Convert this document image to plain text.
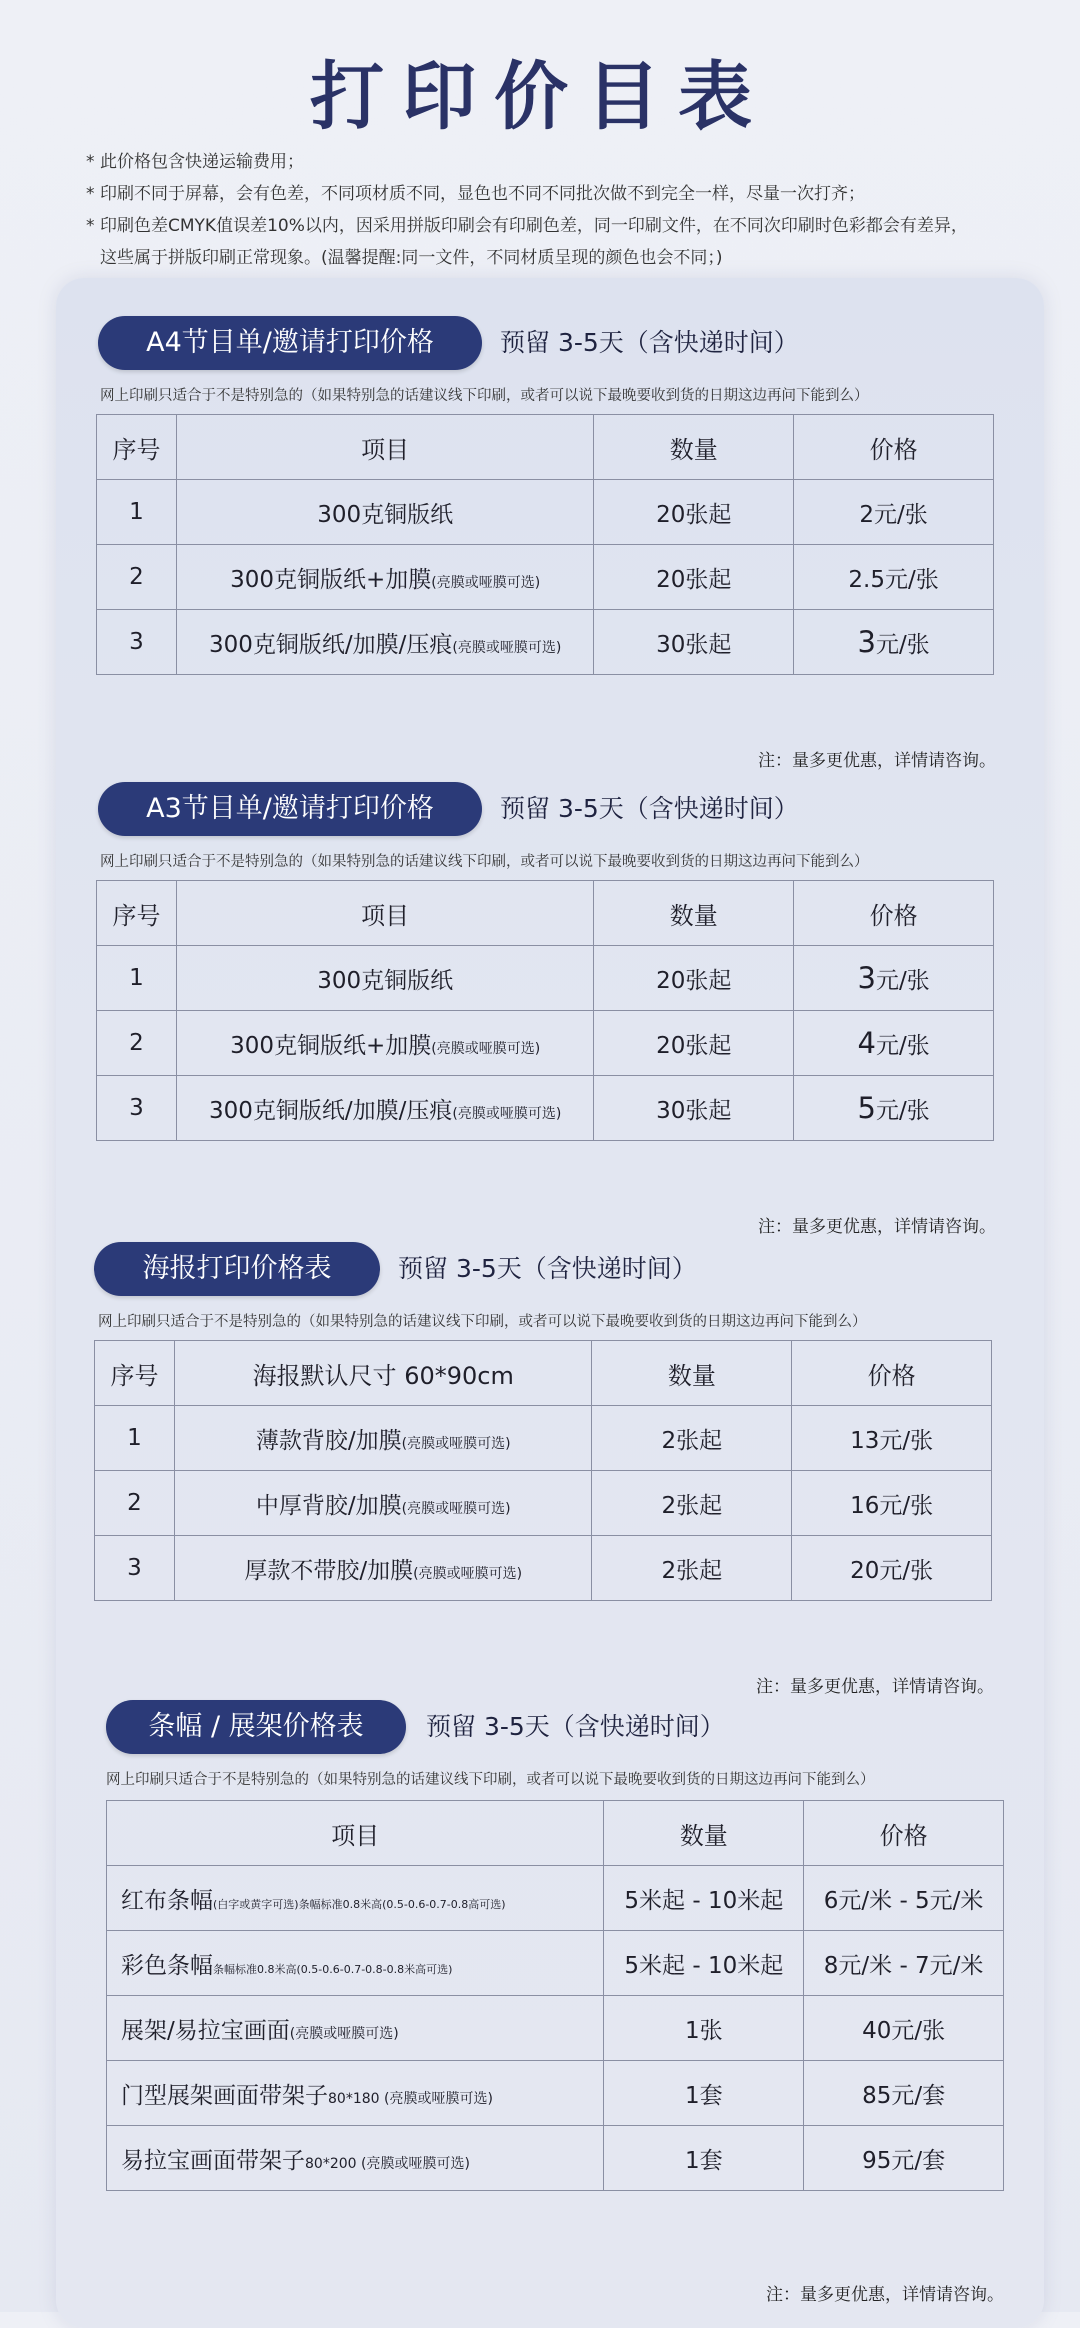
打印价目表
* 此价格包含快递运输费用；
* 印刷不同于屏幕，会有色差，不同项材质不同，显色也不同不同批次做不到完全一样，尽量一次打齐；
* 印刷色差CMYK值误差10%以内，因采用拼版印刷会有印刷色差，同一印刷文件，在不同次印刷时色彩都会有差异，
这些属于拼版印刷正常现象。(温馨提醒:同一文件，不同材质呈现的颜色也会不同；)
A4节目单/邀请打印价格	预留 3-5天（含快递时间）
网上印刷只适合于不是特别急的（如果特别急的话建议线下印刷，或者可以说下最晚要收到货的日期这边再问下能到么）
序号	项目	数量	价格
1	300克铜版纸	20张起	2元/张
2	300克铜版纸+加膜(亮膜或哑膜可选)	20张起	2.5元/张
3	300克铜版纸/加膜/压痕(亮膜或哑膜可选)	30张起	3元/张
注：量多更优惠，详情请咨询。
A3节目单/邀请打印价格	预留 3-5天（含快递时间）
网上印刷只适合于不是特别急的（如果特别急的话建议线下印刷，或者可以说下最晚要收到货的日期这边再问下能到么）
序号	项目	数量	价格
1	300克铜版纸	20张起	3元/张
2	300克铜版纸+加膜(亮膜或哑膜可选)	20张起	4元/张
3	300克铜版纸/加膜/压痕(亮膜或哑膜可选)	30张起	5元/张
注：量多更优惠，详情请咨询。
海报打印价格表	预留 3-5天（含快递时间）
网上印刷只适合于不是特别急的（如果特别急的话建议线下印刷，或者可以说下最晚要收到货的日期这边再问下能到么）
序号	海报默认尺寸 60*90cm	数量	价格
1	薄款背胶/加膜(亮膜或哑膜可选)	2张起	13元/张
2	中厚背胶/加膜(亮膜或哑膜可选)	2张起	16元/张
3	厚款不带胶/加膜(亮膜或哑膜可选)	2张起	20元/张
注：量多更优惠，详情请咨询。
条幅 / 展架价格表	预留 3-5天（含快递时间）
网上印刷只适合于不是特别急的（如果特别急的话建议线下印刷，或者可以说下最晚要收到货的日期这边再问下能到么）
项目	数量	价格
红布条幅(白字或黄字可选)条幅标准0.8米高(0.5-0.6-0.7-0.8高可选)	5米起 - 10米起	6元/米 - 5元/米
彩色条幅条幅标准0.8米高(0.5-0.6-0.7-0.8-0.8米高可选)	5米起 - 10米起	8元/米 - 7元/米
展架/易拉宝画面(亮膜或哑膜可选)	1张	40元/张
门型展架画面带架子80*180 (亮膜或哑膜可选)	1套	85元/套
易拉宝画面带架子80*200 (亮膜或哑膜可选)	1套	95元/套
注：量多更优惠，详情请咨询。
